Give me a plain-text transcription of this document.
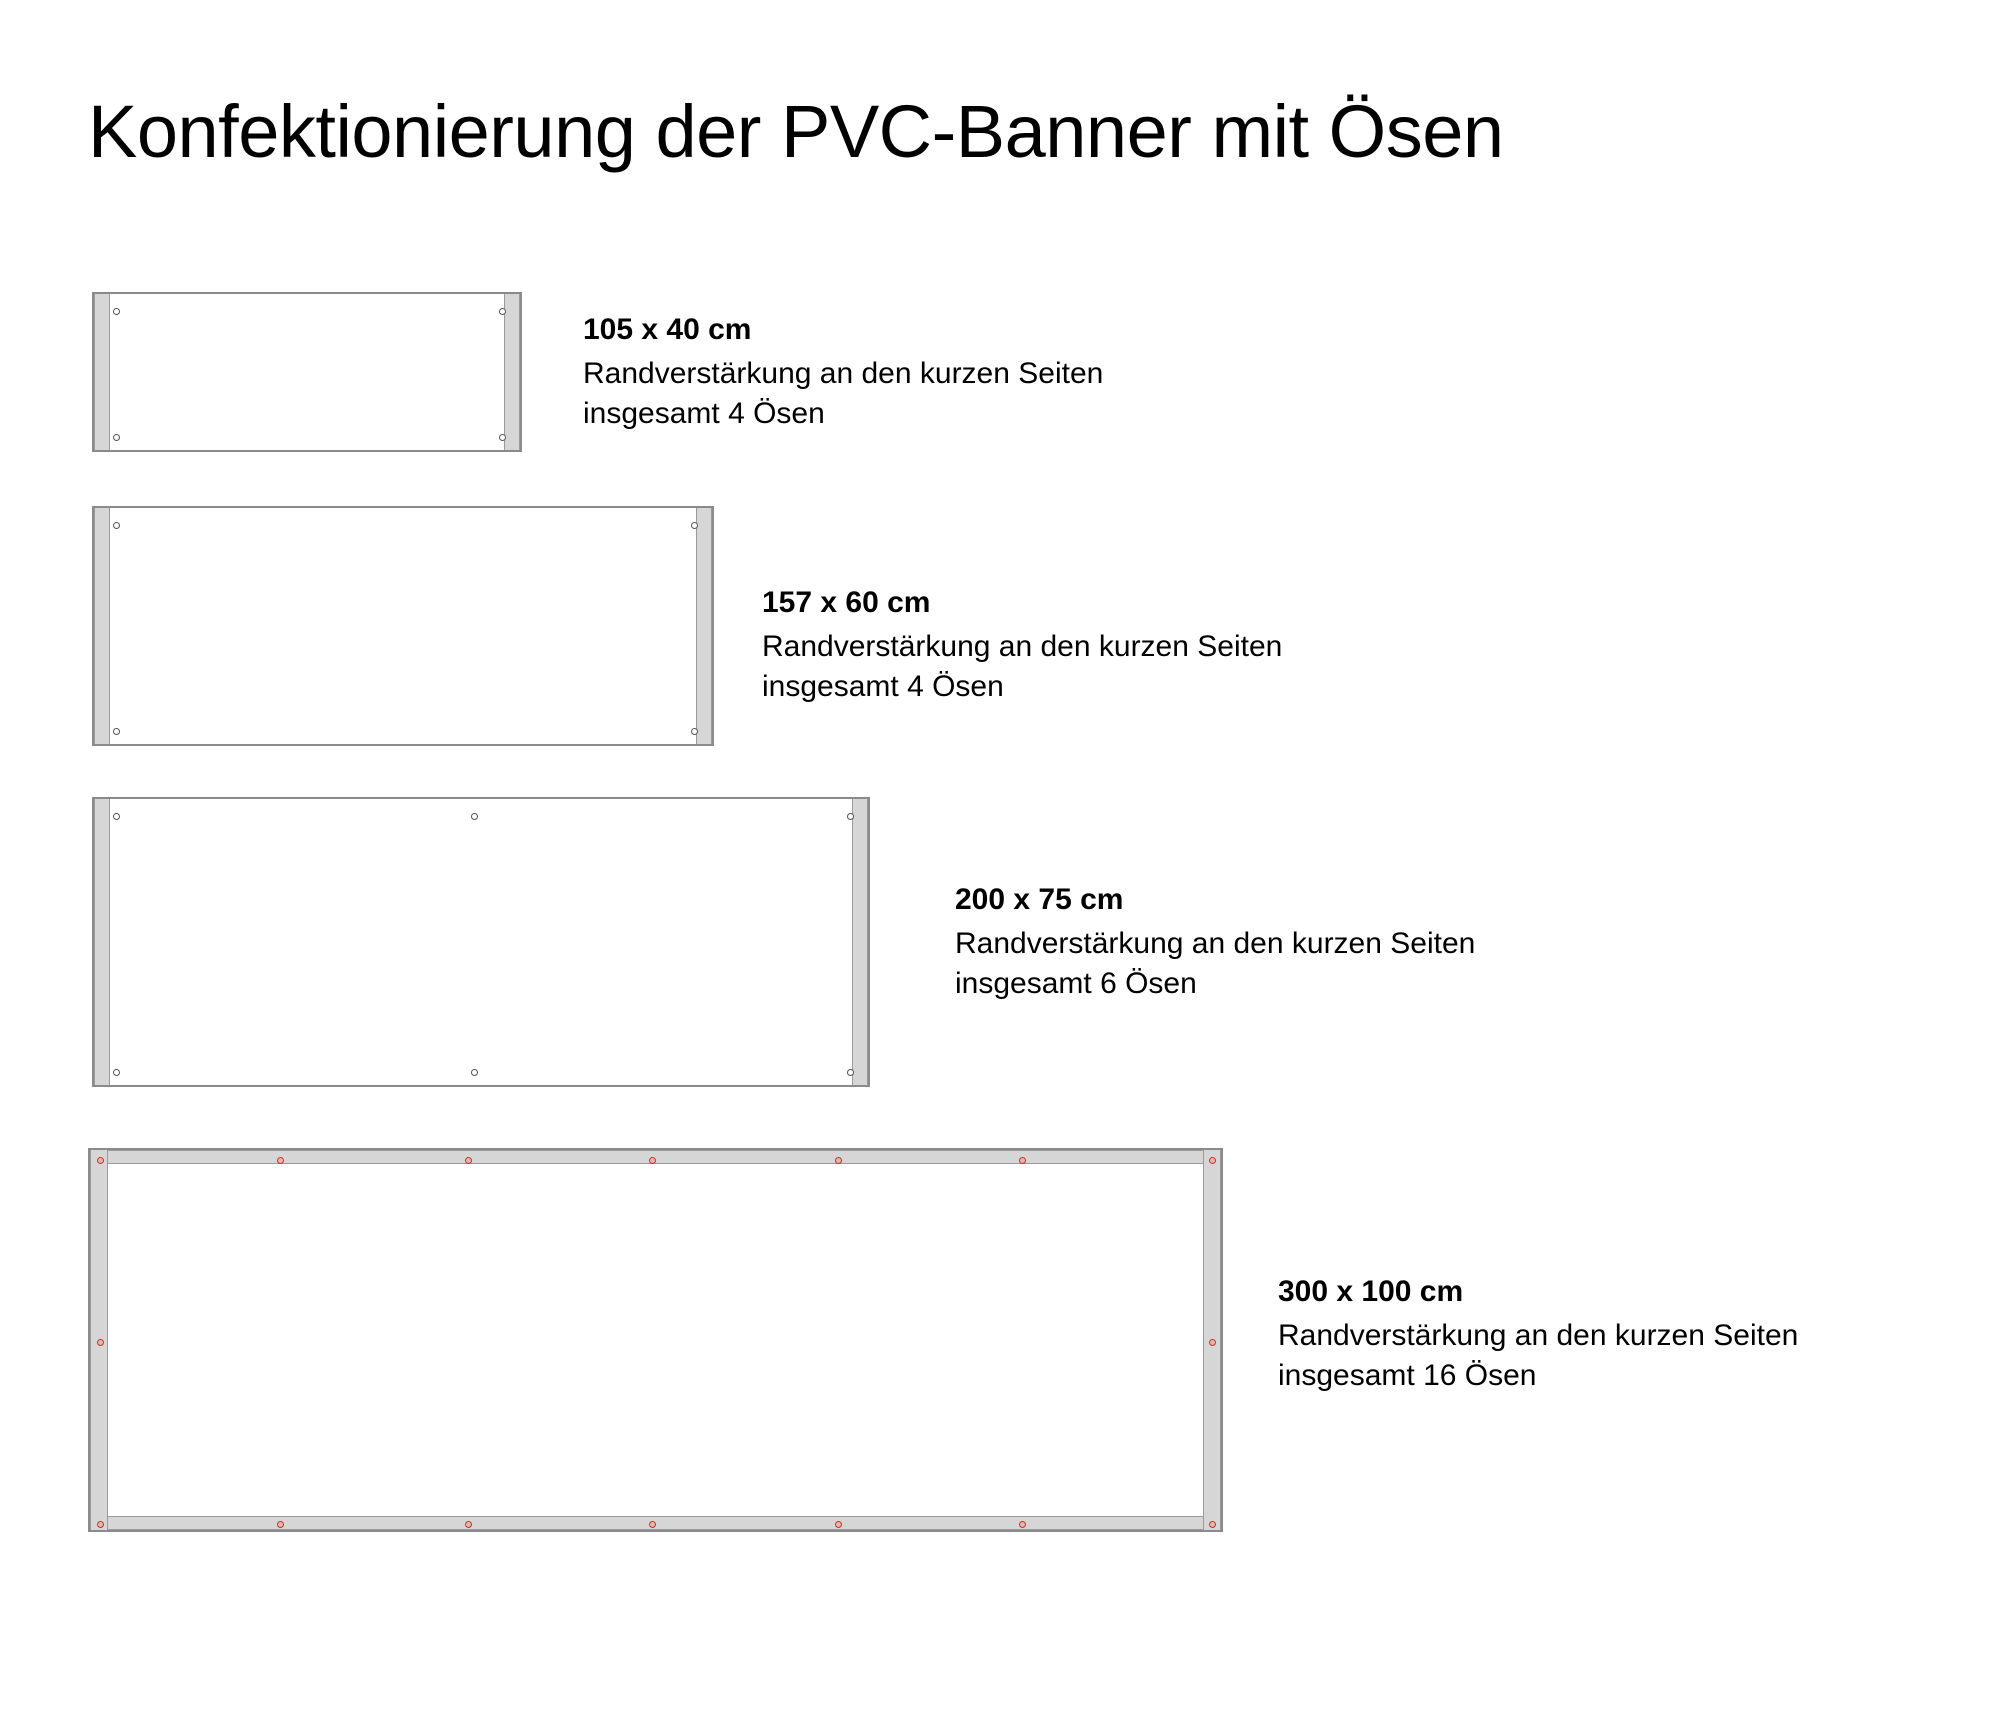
Konfektionierung der PVC-Banner mit Ösen
105 x 40 cm
Randverstärkung an den kurzen Seiten
insgesamt 4 Ösen
157 x 60 cm
Randverstärkung an den kurzen Seiten
insgesamt 4 Ösen
200 x 75 cm
Randverstärkung an den kurzen Seiten
insgesamt 6 Ösen
300 x 100 cm
Randverstärkung an den kurzen Seiten
insgesamt 16 Ösen
